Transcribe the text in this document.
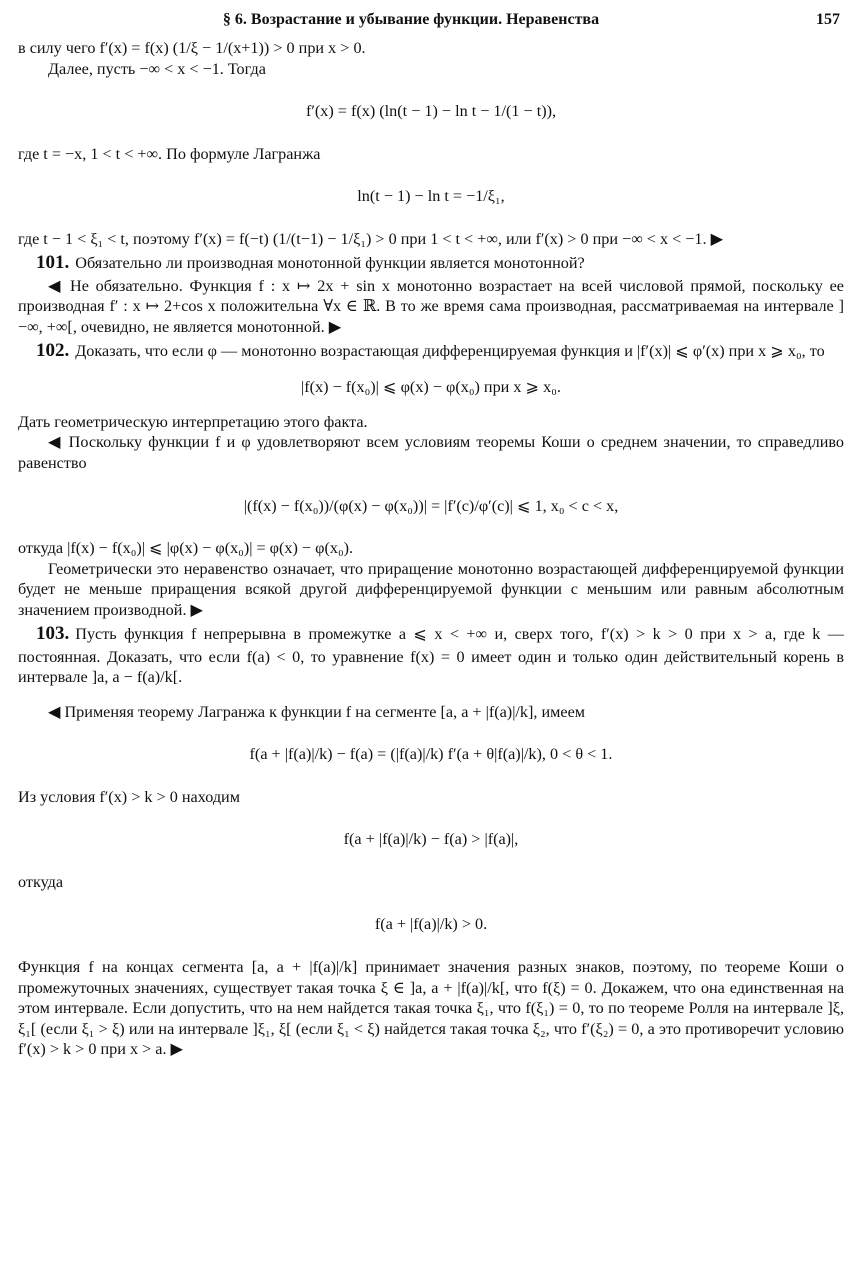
§ 6. Возрастание и убывание функции. Неравенства	157

в силу чего f′(x) = f(x) (1/ξ − 1/(x+1)) > 0 при x > 0.

Далее, пусть −∞ < x < −1. Тогда

f′(x) = f(x) (ln(t − 1) − ln t − 1/(1 − t)),

где t = −x, 1 < t < +∞. По формуле Лагранжа

ln(t − 1) − ln t = −1/ξ₁,

где t − 1 < ξ₁ < t, поэтому f′(x) = f(−t) (1/(t−1) − 1/ξ₁) > 0 при 1 < t < +∞, или f′(x) > 0 при −∞ < x < −1. ▶

101. Обязательно ли производная монотонной функции является монотонной?

◀ Не обязательно. Функция f : x ↦ 2x + sin x монотонно возрастает на всей числовой прямой, поскольку ее производная f′ : x ↦ 2+cos x положительна ∀x ∈ ℝ. В то же время сама производная, рассматриваемая на интервале ]−∞, +∞[, очевидно, не является монотонной. ▶

102. Доказать, что если φ — монотонно возрастающая дифференцируемая функция и |f′(x)| ⩽ φ′(x) при x ⩾ x₀, то

|f(x) − f(x₀)| ⩽ φ(x) − φ(x₀) при x ⩾ x₀.

Дать геометрическую интерпретацию этого факта.

◀ Поскольку функции f и φ удовлетворяют всем условиям теоремы Коши о среднем значении, то справедливо равенство

|(f(x) − f(x₀))/(φ(x) − φ(x₀))| = |f′(c)/φ′(c)| ⩽ 1, x₀ < c < x,

откуда |f(x) − f(x₀)| ⩽ |φ(x) − φ(x₀)| = φ(x) − φ(x₀).

Геометрически это неравенство означает, что приращение монотонно возрастающей дифференцируемой функции будет не меньше приращения всякой другой дифференцируемой функции с меньшим или равным абсолютным значением производной. ▶

103. Пусть функция f непрерывна в промежутке a ⩽ x < +∞ и, сверх того, f′(x) > k > 0 при x > a, где k — постоянная. Доказать, что если f(a) < 0, то уравнение f(x) = 0 имеет один и только один действительный корень в интервале ]a, a − f(a)/k[.

◀ Применяя теорему Лагранжа к функции f на сегменте [a, a + |f(a)|/k], имеем

f(a + |f(a)|/k) − f(a) = (|f(a)|/k) f′(a + θ|f(a)|/k), 0 < θ < 1.

Из условия f′(x) > k > 0 находим

f(a + |f(a)|/k) − f(a) > |f(a)|,

откуда

f(a + |f(a)|/k) > 0.

Функция f на концах сегмента [a, a + |f(a)|/k] принимает значения разных знаков, поэтому, по теореме Коши о промежуточных значениях, существует такая точка ξ ∈ ]a, a + |f(a)|/k[, что f(ξ) = 0. Докажем, что она единственная на этом интервале. Если допустить, что на нем найдется такая точка ξ₁, что f(ξ₁) = 0, то по теореме Ролля на интервале ]ξ, ξ₁[ (если ξ₁ > ξ) или на интервале ]ξ₁, ξ[ (если ξ₁ < ξ) найдется такая точка ξ₂, что f′(ξ₂) = 0, а это противоречит условию f′(x) > k > 0 при x > a. ▶
